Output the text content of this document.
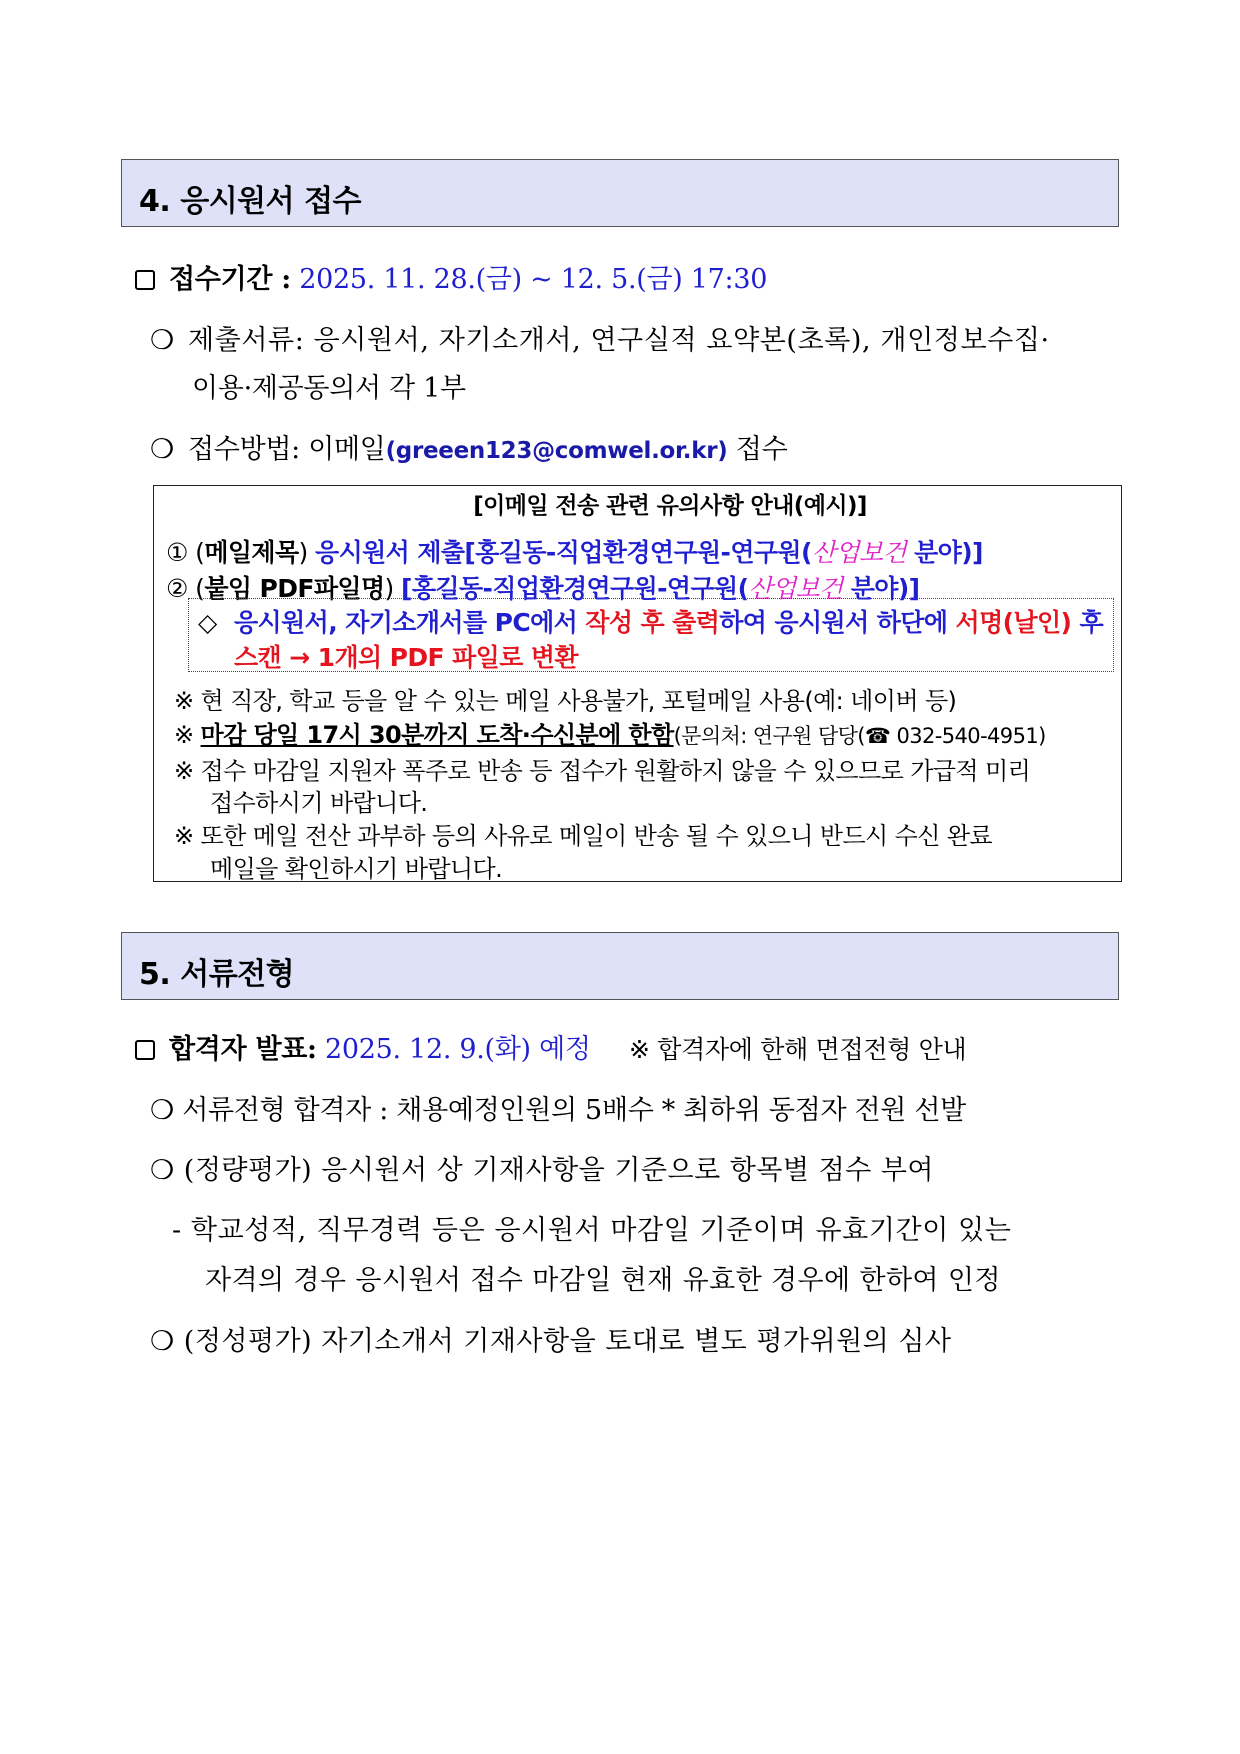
4. 응시원서 접수
접수기간 : 2025. 11. 28.(금) ~ 12. 5.(금) 17:30
❍ 제출서류: 응시원서, 자기소개서, 연구실적 요약본(초록), 개인정보수집·
이용·제공동의서 각 1부
❍ 접수방법: 이메일(greeen123@comwel.or.kr) 접수
[이메일 전송 관련 유의사항 안내(예시)]
① (메일제목) 응시원서 제출[홍길동-직업환경연구원-연구원(산업보건 분야)]
② (붙임 PDF파일명) [홍길동-직업환경연구원-연구원(산업보건 분야)]
◇ 응시원서, 자기소개서를 PC에서 작성 후 출력하여 응시원서 하단에 서명(날인) 후
스캔 → 1개의 PDF 파일로 변환
※ 현 직장, 학교 등을 알 수 있는 메일 사용불가, 포털메일 사용(예: 네이버 등)
※ 마감 당일 17시 30분까지 도착·수신분에 한함(문의처: 연구원 담당(☎ 032-540-4951)
※ 접수 마감일 지원자 폭주로 반송 등 접수가 원활하지 않을 수 있으므로 가급적 미리
접수하시기 바랍니다.
※ 또한 메일 전산 과부하 등의 사유로 메일이 반송 될 수 있으니 반드시 수신 완료
메일을 확인하시기 바랍니다.
5. 서류전형
합격자 발표: 2025. 12. 9.(화) 예정 ※ 합격자에 한해 면접전형 안내
❍ 서류전형 합격자 : 채용예정인원의 5배수 * 최하위 동점자 전원 선발
❍ (정량평가) 응시원서 상 기재사항을 기준으로 항목별 점수 부여
- 학교성적, 직무경력 등은 응시원서 마감일 기준이며 유효기간이 있는
자격의 경우 응시원서 접수 마감일 현재 유효한 경우에 한하여 인정
❍ (정성평가) 자기소개서 기재사항을 토대로 별도 평가위원의 심사
